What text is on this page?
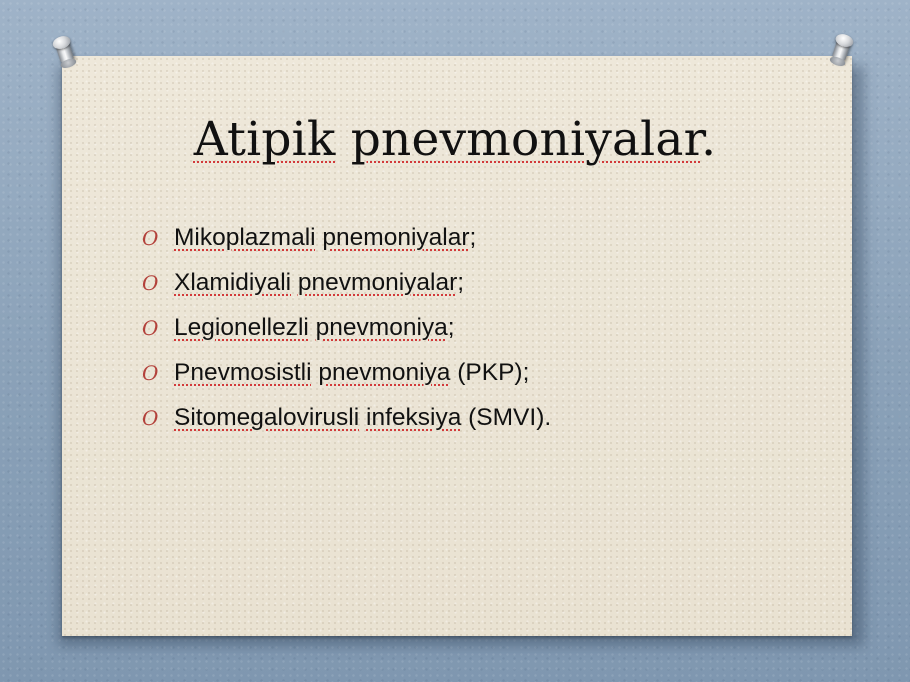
Atipik pnevmoniyalar.
O Mikoplazmali pnemoniyalar;
O Xlamidiyali pnevmoniyalar;
O Legionellezli pnevmoniya;
O Pnevmosistli pnevmoniya (PKP);
O Sitomegalovirusli infeksiya (SMVI).
